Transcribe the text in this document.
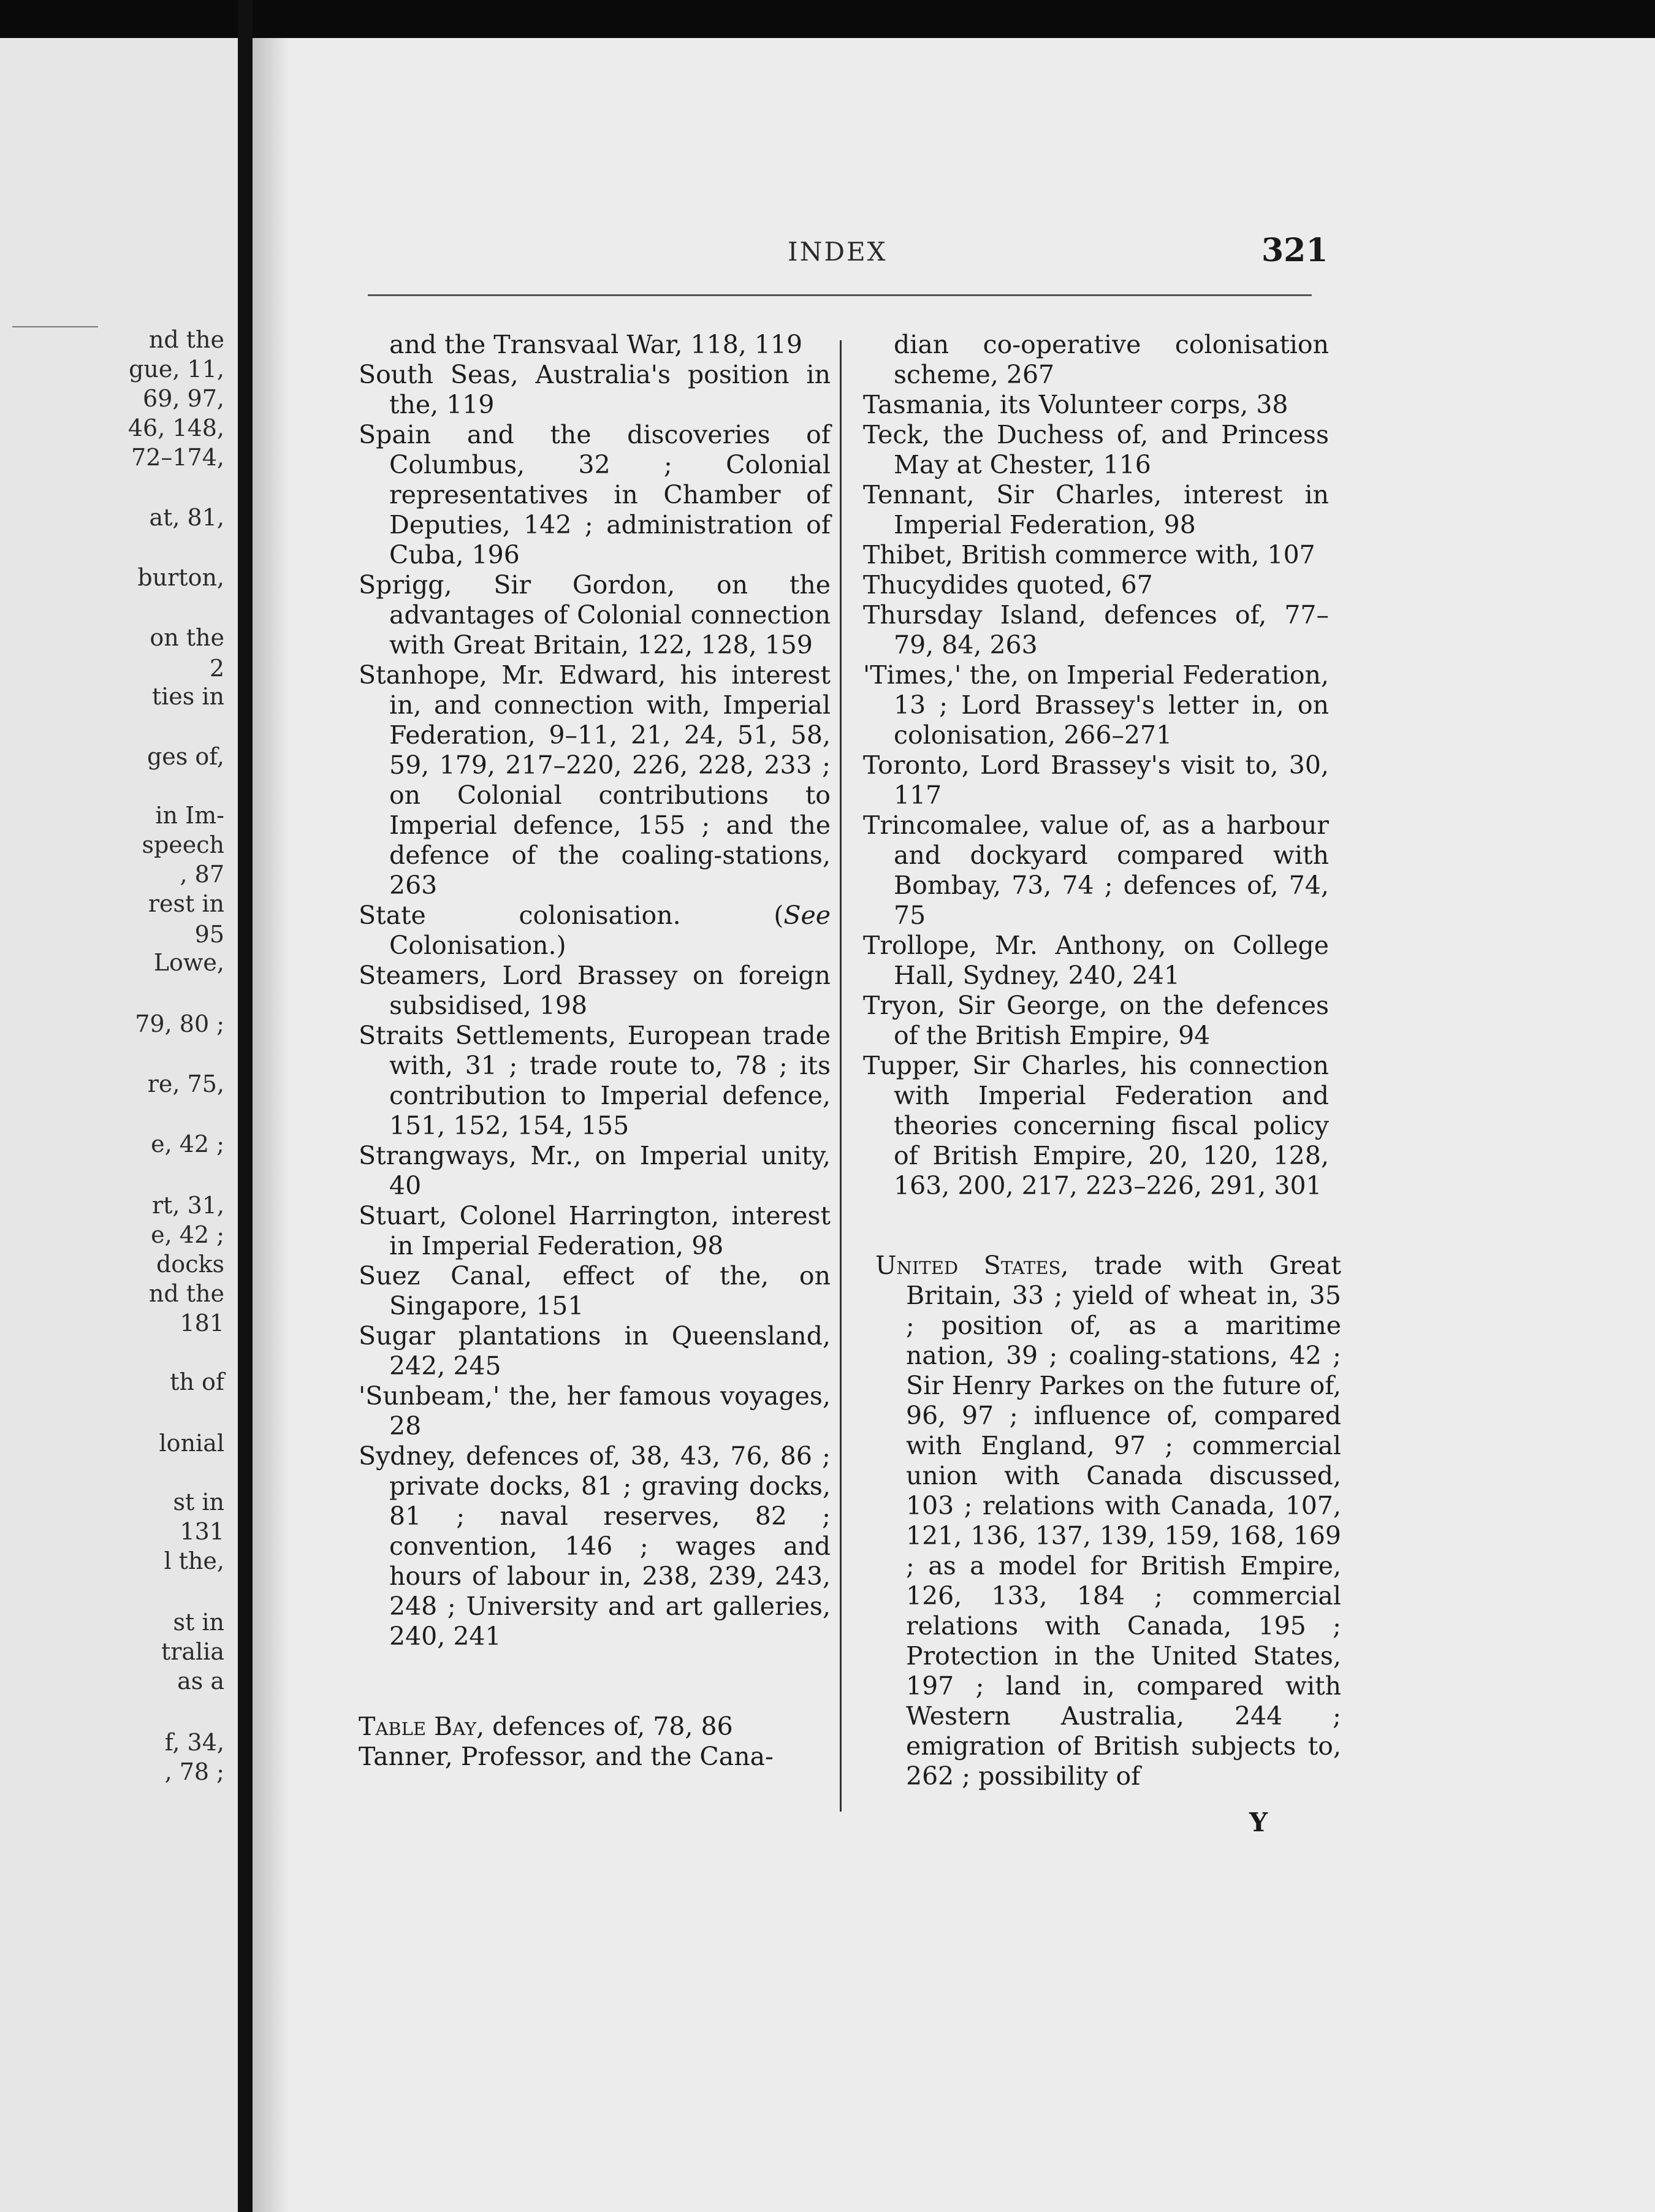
nd the
gue, 11,
69, 97,
46, 148,
72–174,
at, 81,
burton,
on the
2
ties in
ges of,
in Im-
speech
, 87
rest in
95
Lowe,
79, 80 ;
re, 75,
e, 42 ;
rt, 31,
e, 42 ;
docks
nd the
181
th of
lonial
st in
131
l the,
st in
tralia
as a
f, 34,
, 78 ;
INDEX	321

and the Transvaal War, 118, 119

South Seas, Australia's position in the, 119

Spain and the discoveries of Columbus, 32 ; Colonial representatives in Chamber of Deputies, 142 ; administration of Cuba, 196

Sprigg, Sir Gordon, on the advantages of Colonial connection with Great Britain, 122, 128, 159

Stanhope, Mr. Edward, his interest in, and connection with, Imperial Federation, 9–11, 21, 24, 51, 58, 59, 179, 217–220, 226, 228, 233 ; on Colonial contributions to Imperial defence, 155 ; and the defence of the coaling-stations, 263

State colonisation. (See Colonisation.)

Steamers, Lord Brassey on foreign subsidised, 198

Straits Settlements, European trade with, 31 ; trade route to, 78 ; its contribution to Imperial defence, 151, 152, 154, 155

Strangways, Mr., on Imperial unity, 40

Stuart, Colonel Harrington, interest in Imperial Federation, 98

Suez Canal, effect of the, on Singapore, 151

Sugar plantations in Queensland, 242, 245

'Sunbeam,' the, her famous voyages, 28

Sydney, defences of, 38, 43, 76, 86 ; private docks, 81 ; graving docks, 81 ; naval reserves, 82 ; convention, 146 ; wages and hours of labour in, 238, 239, 243, 248 ; University and art galleries, 240, 241

Table Bay, defences of, 78, 86

Tanner, Professor, and the Cana-

dian co-operative colonisation scheme, 267

Tasmania, its Volunteer corps, 38

Teck, the Duchess of, and Princess May at Chester, 116

Tennant, Sir Charles, interest in Imperial Federation, 98

Thibet, British commerce with, 107

Thucydides quoted, 67

Thursday Island, defences of, 77–79, 84, 263

'Times,' the, on Imperial Federation, 13 ; Lord Brassey's letter in, on colonisation, 266–271

Toronto, Lord Brassey's visit to, 30, 117

Trincomalee, value of, as a harbour and dockyard compared with Bombay, 73, 74 ; defences of, 74, 75

Trollope, Mr. Anthony, on College Hall, Sydney, 240, 241

Tryon, Sir George, on the defences of the British Empire, 94

Tupper, Sir Charles, his connection with Imperial Federation and theories concerning fiscal policy of British Empire, 20, 120, 128, 163, 200, 217, 223–226, 291, 301

United States, trade with Great Britain, 33 ; yield of wheat in, 35 ; position of, as a maritime nation, 39 ; coaling-stations, 42 ; Sir Henry Parkes on the future of, 96, 97 ; influence of, compared with England, 97 ; commercial union with Canada discussed, 103 ; relations with Canada, 107, 121, 136, 137, 139, 159, 168, 169 ; as a model for British Empire, 126, 133, 184 ; commercial relations with Canada, 195 ; Protection in the United States, 197 ; land in, compared with Western Australia, 244 ; emigration of British subjects to, 262 ; possibility of

Y
